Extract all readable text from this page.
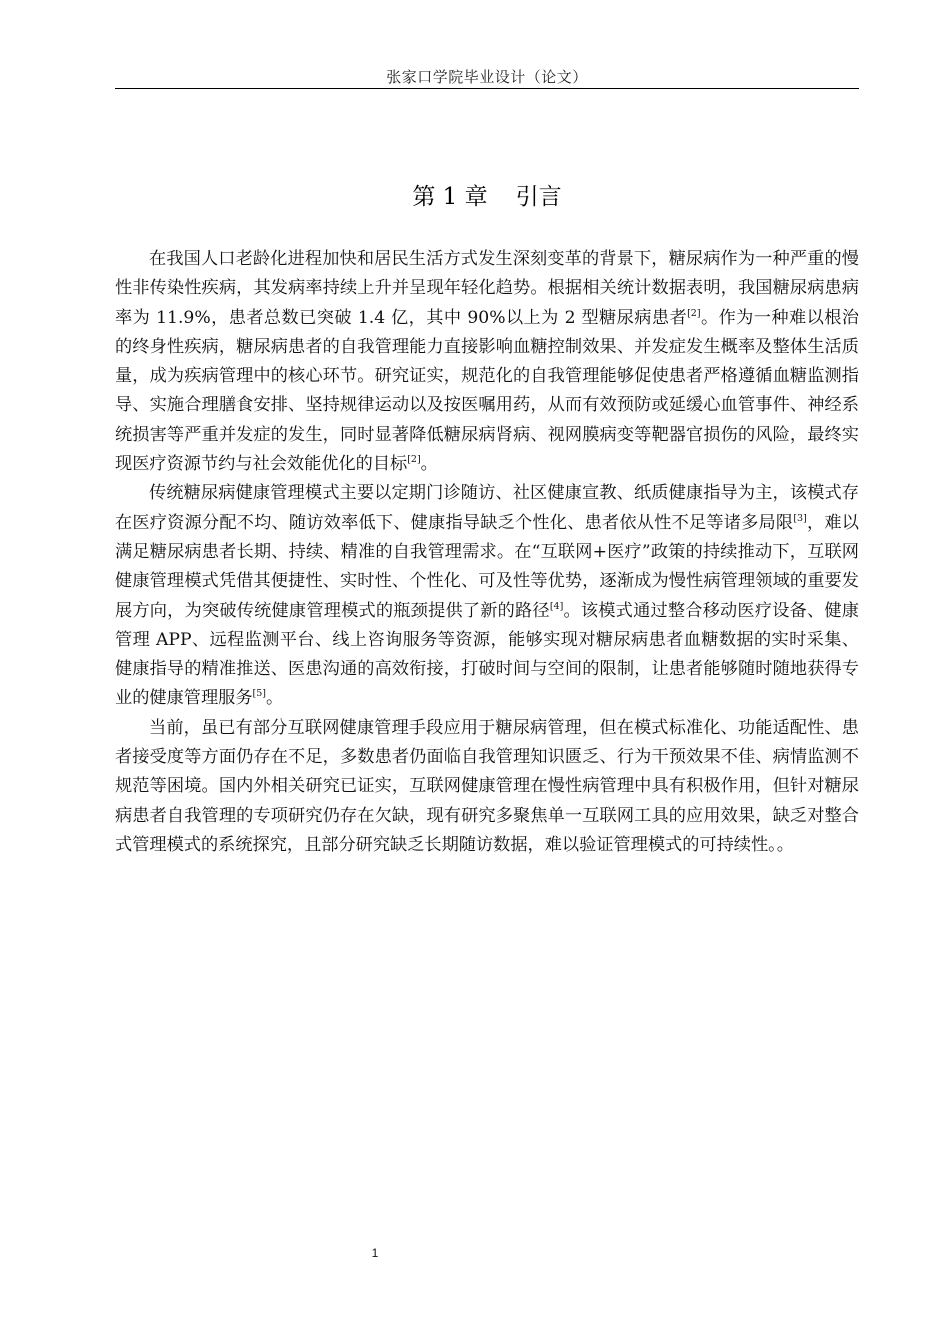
张家口学院毕业设计（论文）
第 1 章 引言

在我国人口老龄化进程加快和居民生活方式发生深刻变革的背景下，糖尿病作为一种严重的慢性非传染性疾病，其发病率持续上升并呈现年轻化趋势。根据相关统计数据表明，我国糖尿病患病率为 11.9%，患者总数已突破 1.4 亿，其中 90%以上为 2 型糖尿病患者[2]。作为一种难以根治的终身性疾病，糖尿病患者的自我管理能力直接影响血糖控制效果、并发症发生概率及整体生活质量，成为疾病管理中的核心环节。研究证实，规范化的自我管理能够促使患者严格遵循血糖监测指导、实施合理膳食安排、坚持规律运动以及按医嘱用药，从而有效预防或延缓心血管事件、神经系统损害等严重并发症的发生，同时显著降低糖尿病肾病、视网膜病变等靶器官损伤的风险，最终实现医疗资源节约与社会效能优化的目标[2]。

传统糖尿病健康管理模式主要以定期门诊随访、社区健康宣教、纸质健康指导为主，该模式存在医疗资源分配不均、随访效率低下、健康指导缺乏个性化、患者依从性不足等诸多局限[3]，难以满足糖尿病患者长期、持续、精准的自我管理需求。在“互联网+医疗”政策的持续推动下，互联网健康管理模式凭借其便捷性、实时性、个性化、可及性等优势，逐渐成为慢性病管理领域的重要发展方向，为突破传统健康管理模式的瓶颈提供了新的路径[4]。该模式通过整合移动医疗设备、健康管理 APP、远程监测平台、线上咨询服务等资源，能够实现对糖尿病患者血糖数据的实时采集、健康指导的精准推送、医患沟通的高效衔接，打破时间与空间的限制，让患者能够随时随地获得专业的健康管理服务[5]。

当前，虽已有部分互联网健康管理手段应用于糖尿病管理，但在模式标准化、功能适配性、患者接受度等方面仍存在不足，多数患者仍面临自我管理知识匮乏、行为干预效果不佳、病情监测不规范等困境。国内外相关研究已证实，互联网健康管理在慢性病管理中具有积极作用，但针对糖尿病患者自我管理的专项研究仍存在欠缺，现有研究多聚焦单一互联网工具的应用效果，缺乏对整合式管理模式的系统探究，且部分研究缺乏长期随访数据，难以验证管理模式的可持续性。。

1
